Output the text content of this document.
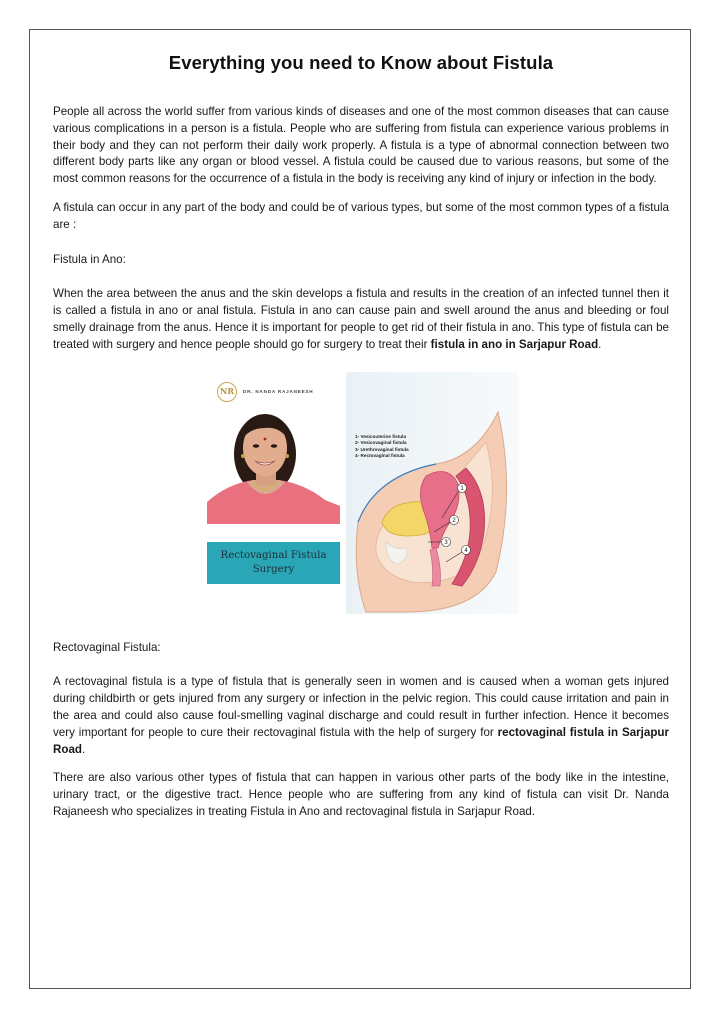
Everything you need to Know about Fistula

People all across the world suffer from various kinds of diseases and one of the most common diseases that can cause various complications in a person is a fistula. People who are suffering from fistula can experience various problems in their body and they can not perform their daily work properly. A fistula is a type of abnormal connection between two different body parts like any organ or blood vessel. A fistula could be caused due to various reasons, but some of the most common reasons for the occurrence of a fistula in the body is receiving any kind of injury or infection in the body.

A fistula can occur in any part of the body and could be of various types, but some of the most common types of a fistula are :

Fistula in Ano:

When the area between the anus and the skin develops a fistula and results in the creation of an infected tunnel then it is called a fistula in ano or anal fistula. Fistula in ano can cause pain and swell around the anus and bleeding or foul smelly drainage from the anus. Hence it is important for people to get rid of their fistula in ano. This type of fistula can be treated with surgery and hence people should go for surgery to treat their fistula in ano in Sarjapur Road.

NR	DR. NANDA RAJANEESH
Rectovaginal Fistula
Surgery
1
2
3
4
1- Vesicouterine fistula
2- Vesicovaginal fistula
3- Urethrovaginal fistula
4- Rectovaginal fistula

Rectovaginal Fistula:

A rectovaginal fistula is a type of fistula that is generally seen in women and is caused when a woman gets injured during childbirth or gets injured from any surgery or infection in the pelvic region. This could cause irritation and pain in the area and could also cause foul-smelling vaginal discharge and could result in further infection. Hence it becomes very important for people to cure their rectovaginal fistula with the help of surgery for rectovaginal fistula in Sarjapur Road.

There are also various other types of fistula that can happen in various other parts of the body like in the intestine, urinary tract, or the digestive tract. Hence people who are suffering from any kind of fistula can visit Dr. Nanda Rajaneesh who specializes in treating Fistula in Ano and rectovaginal fistula in Sarjapur Road.
